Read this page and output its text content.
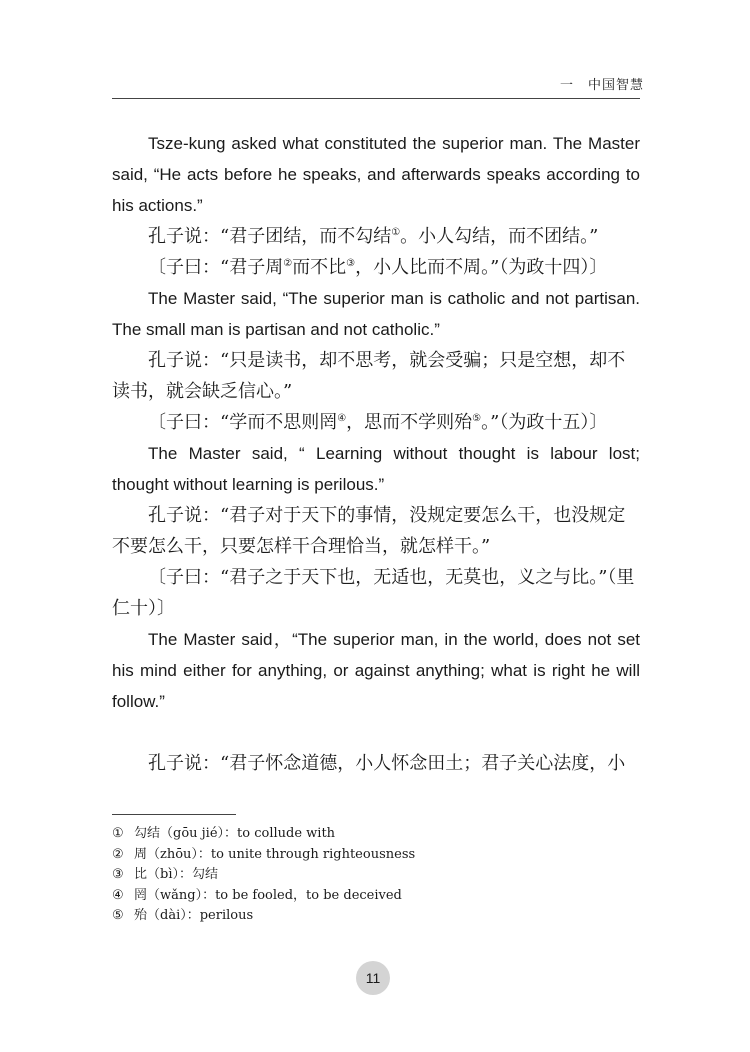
一　中国智慧

Tsze-kung asked what constituted the superior man. The Master said, “He acts before he speaks, and afterwards speaks according to his actions.”

孔子说：“君子团结，而不勾结①。小人勾结，而不团结。”

〔子曰：“君子周②而不比③，小人比而不周。”（为政十四）〕

The Master said, “The superior man is catholic and not partisan. The small man is partisan and not catholic.”

孔子说：“只是读书，却不思考，就会受骗；只是空想，却不读书，就会缺乏信心。”

〔子曰：“学而不思则罔④，思而不学则殆⑤。”（为政十五）〕

The Master said, “ Learning without thought is labour lost; thought without learning is perilous.”

孔子说：“君子对于天下的事情，没规定要怎么干，也没规定不要怎么干，只要怎样干合理恰当，就怎样干。”

〔子曰：“君子之于天下也，无适也，无莫也，义之与比。”（里仁十）〕

The Master said，“The superior man, in the world, does not set his mind either for anything, or against anything; what is right he will follow.”

孔子说：“君子怀念道德，小人怀念田土；君子关心法度，小

① 勾结（gōu jié）：to collude with
② 周（zhōu）：to unite through righteousness
③ 比（bì）：勾结
④ 罔（wǎng）：to be fooled，to be deceived
⑤ 殆（dài）：perilous
11
